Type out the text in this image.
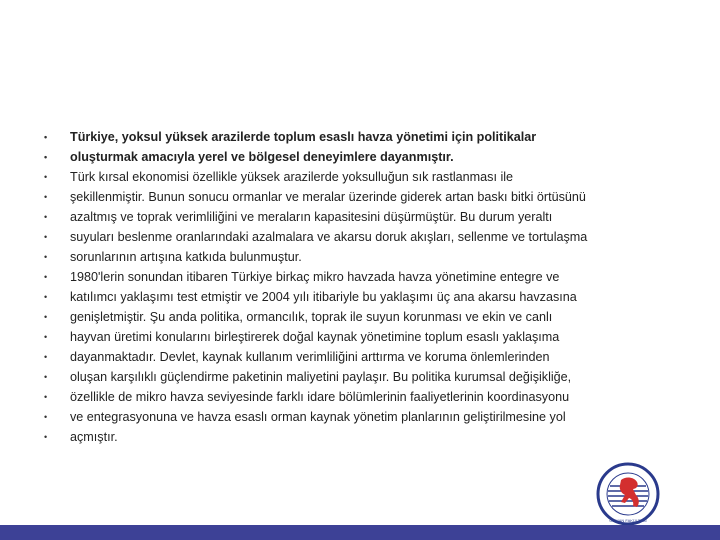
• Türkiye, yoksul yüksek arazilerde toplum esaslı havza yönetimi için politikalar
• oluşturmak amacıyla yerel ve bölgesel deneyimlere dayanmıştır.
• Türk kırsal ekonomisi özellikle yüksek arazilerde yoksulluğun sık rastlanması ile
• şekillenmiştir. Bunun sonucu ormanlar ve meralar üzerinde giderek artan baskı bitki örtüsünü
• azaltmış ve toprak verimliliğini ve meraların kapasitesini düşürmüştür. Bu durum yeraltı
• suyuları beslenme oranlarındaki azalmalara ve akarsu doruk akışları, sellenme ve tortulaşma
• sorunlarının artışına katkıda bulunmuştur.
• 1980'lerin sonundan itibaren Türkiye birkaç mikro havzada havza yönetimine entegre ve
• katılımcı yaklaşımı test etmiştir ve 2004 yılı itibariyle bu yaklaşımı üç ana akarsu havzasına
• genişletmiştir. Şu anda politika, ormancılık, toprak ile suyun korunması ve ekin ve canlı
• hayvan üretimi konularını birleştirerek doğal kaynak yönetimine toplum esaslı yaklaşıma
• dayanmaktadır. Devlet, kaynak kullanım verimliliğini arttırma ve koruma önlemlerinden
• oluşan karşılıklı güçlendirme paketinin maliyetini paylaşır. Bu politika kurumsal değişikliğe,
• özellikle de mikro havza seviyesinde farklı idare bölümlerinin faaliyetlerinin koordinasyonu
• ve entegrasyonuna ve havza esaslı orman kaynak yönetim planlarının geliştirilmesine yol
• açmıştır.
ORMAN FAKÜLTESİ
